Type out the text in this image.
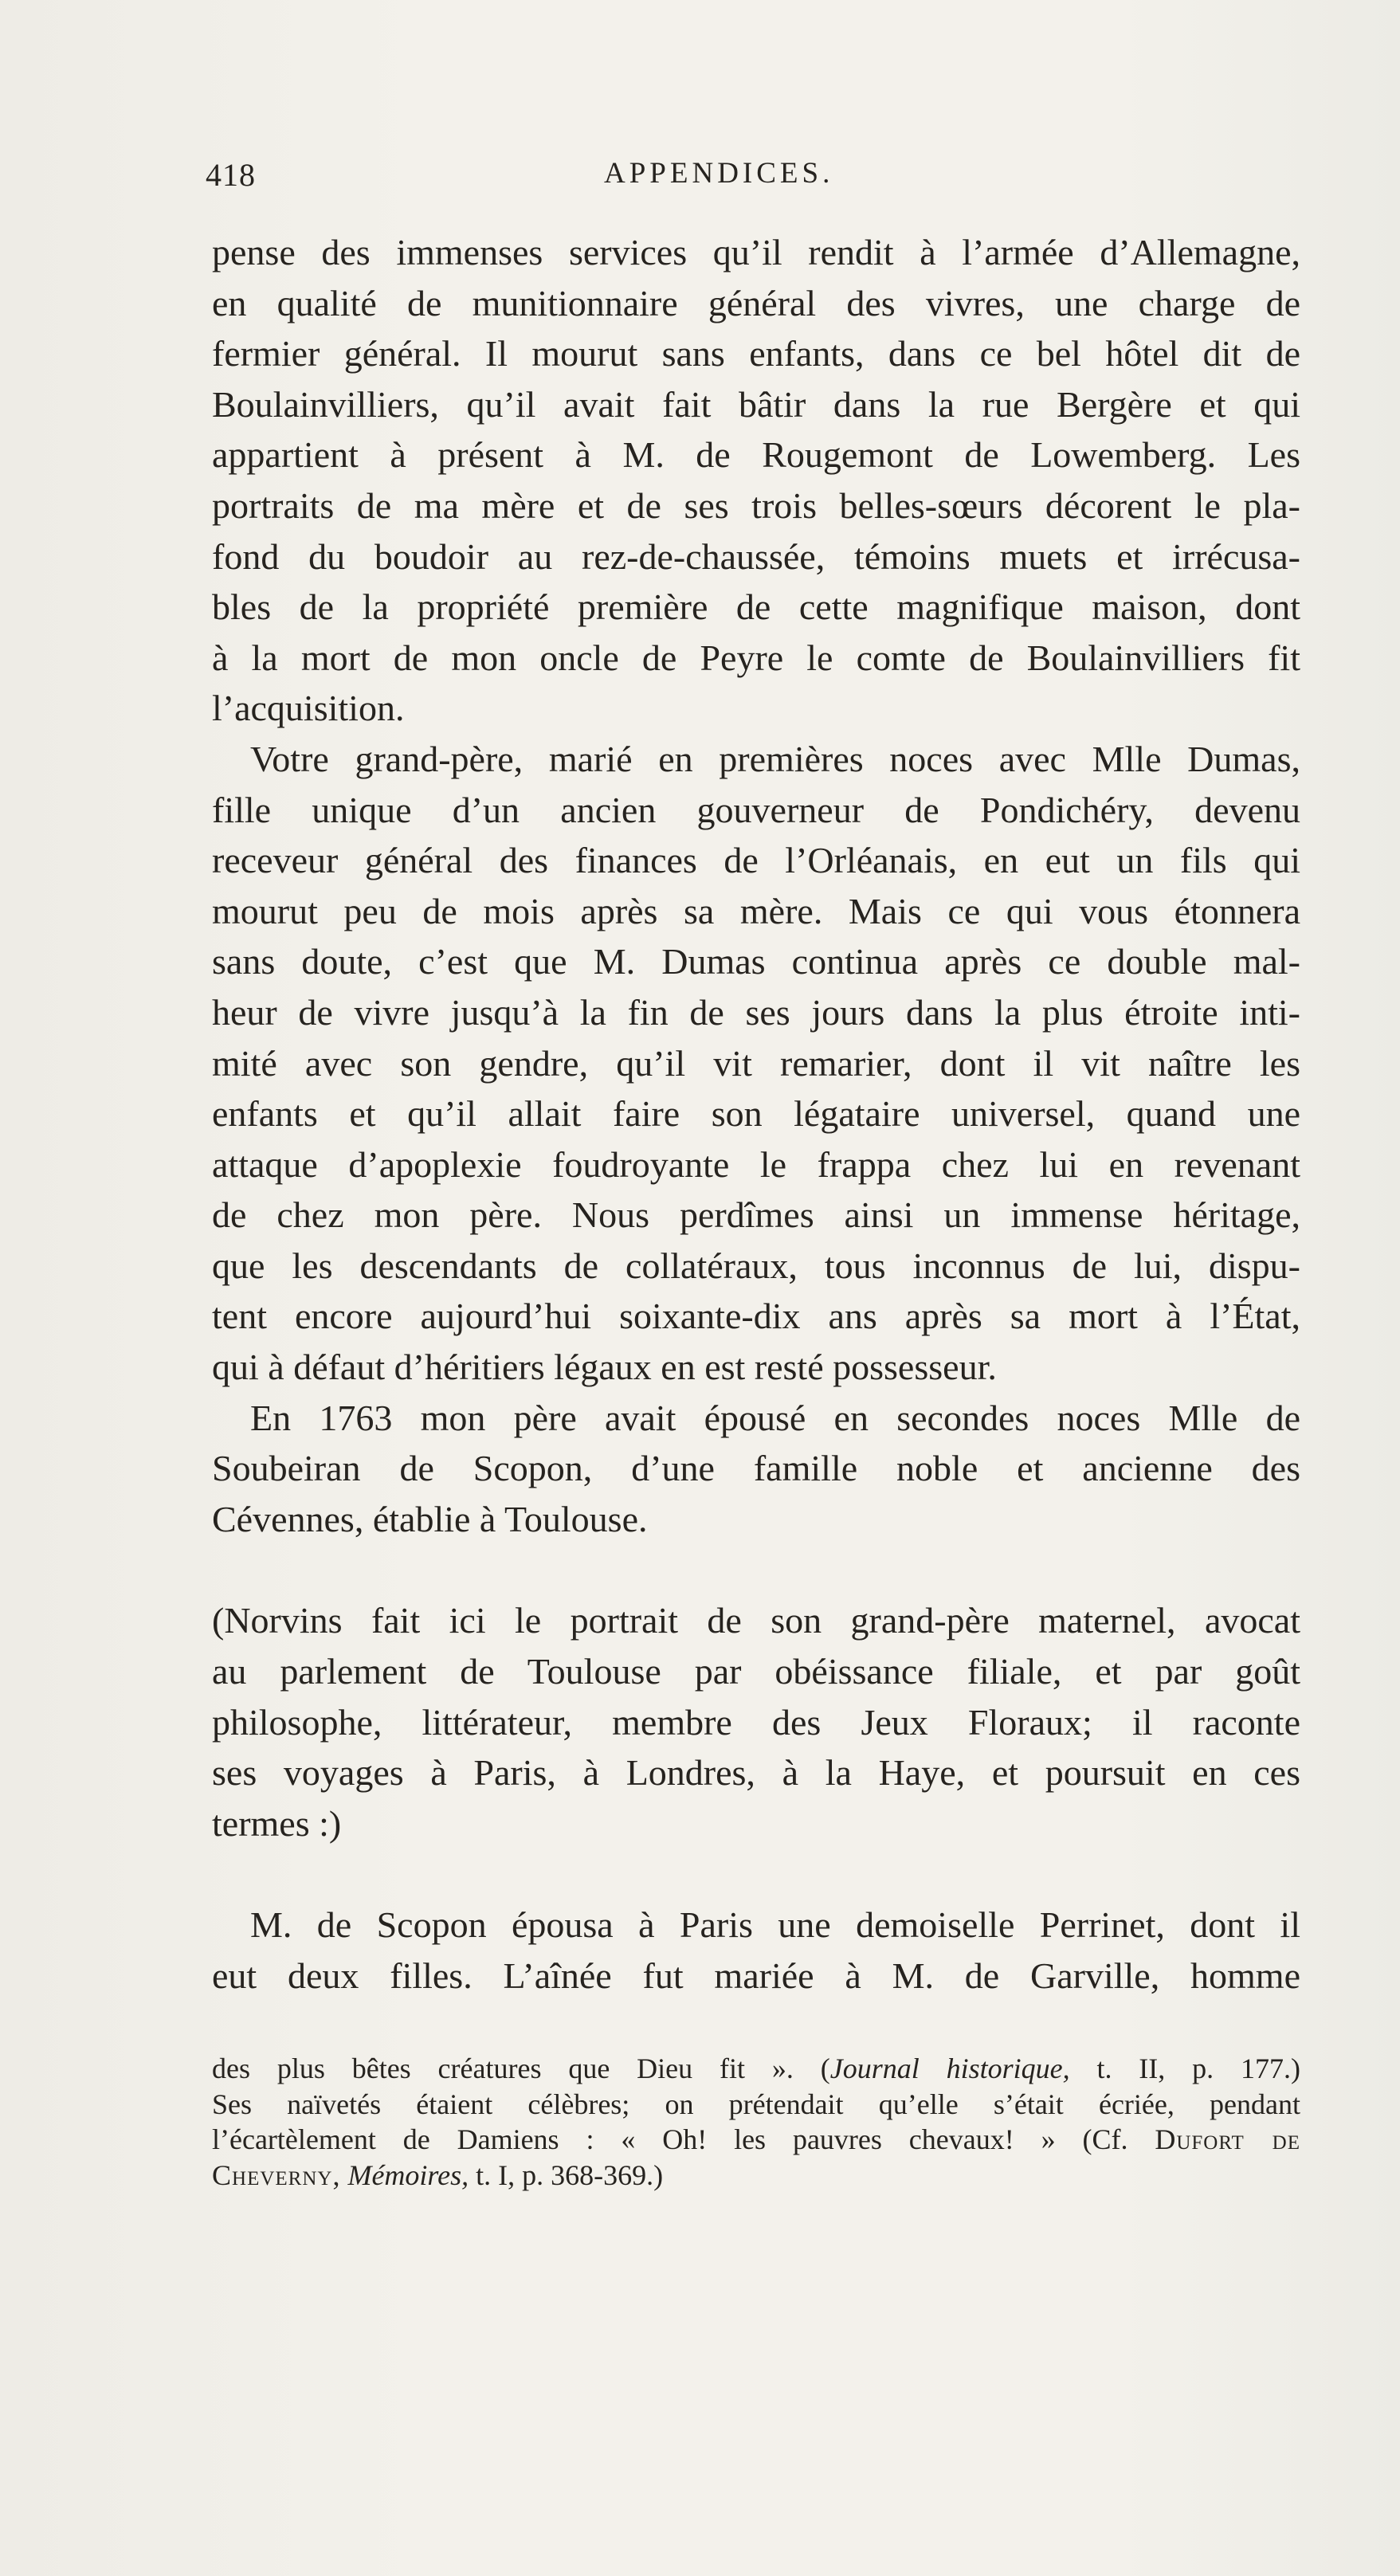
418	APPENDICES.

pense des immenses services qu’il rendit à l’armée d’Allemagne,
en qualité de munitionnaire général des vivres, une charge de
fermier général. Il mourut sans enfants, dans ce bel hôtel dit de
Boulainvilliers, qu’il avait fait bâtir dans la rue Bergère et qui
appartient à présent à M. de Rougemont de Lowemberg. Les
portraits de ma mère et de ses trois belles-sœurs décorent le pla-
fond du boudoir au rez-de-chaussée, témoins muets et irrécusa-
bles de la propriété première de cette magnifique maison, dont
à la mort de mon oncle de Peyre le comte de Boulainvilliers fit
l’acquisition.

Votre grand-père, marié en premières noces avec Mlle Dumas,
fille unique d’un ancien gouverneur de Pondichéry, devenu
receveur général des finances de l’Orléanais, en eut un fils qui
mourut peu de mois après sa mère. Mais ce qui vous étonnera
sans doute, c’est que M. Dumas continua après ce double mal-
heur de vivre jusqu’à la fin de ses jours dans la plus étroite inti-
mité avec son gendre, qu’il vit remarier, dont il vit naître les
enfants et qu’il allait faire son légataire universel, quand une
attaque d’apoplexie foudroyante le frappa chez lui en revenant
de chez mon père. Nous perdîmes ainsi un immense héritage,
que les descendants de collatéraux, tous inconnus de lui, dispu-
tent encore aujourd’hui soixante-dix ans après sa mort à l’État,
qui à défaut d’héritiers légaux en est resté possesseur.

En 1763 mon père avait épousé en secondes noces Mlle de
Soubeiran de Scopon, d’une famille noble et ancienne des
Cévennes, établie à Toulouse.

(Norvins fait ici le portrait de son grand-père maternel, avocat
au parlement de Toulouse par obéissance filiale, et par goût
philosophe, littérateur, membre des Jeux Floraux; il raconte
ses voyages à Paris, à Londres, à la Haye, et poursuit en ces
termes :)

M. de Scopon épousa à Paris une demoiselle Perrinet, dont il
eut deux filles. L’aînée fut mariée à M. de Garville, homme

des plus bêtes créatures que Dieu fit ». (Journal historique, t. II, p. 177.)
Ses naïvetés étaient célèbres; on prétendait qu’elle s’était écriée, pendant
l’écartèlement de Damiens : « Oh! les pauvres chevaux! » (Cf. Dufort de
Cheverny, Mémoires, t. I, p. 368-369.)
